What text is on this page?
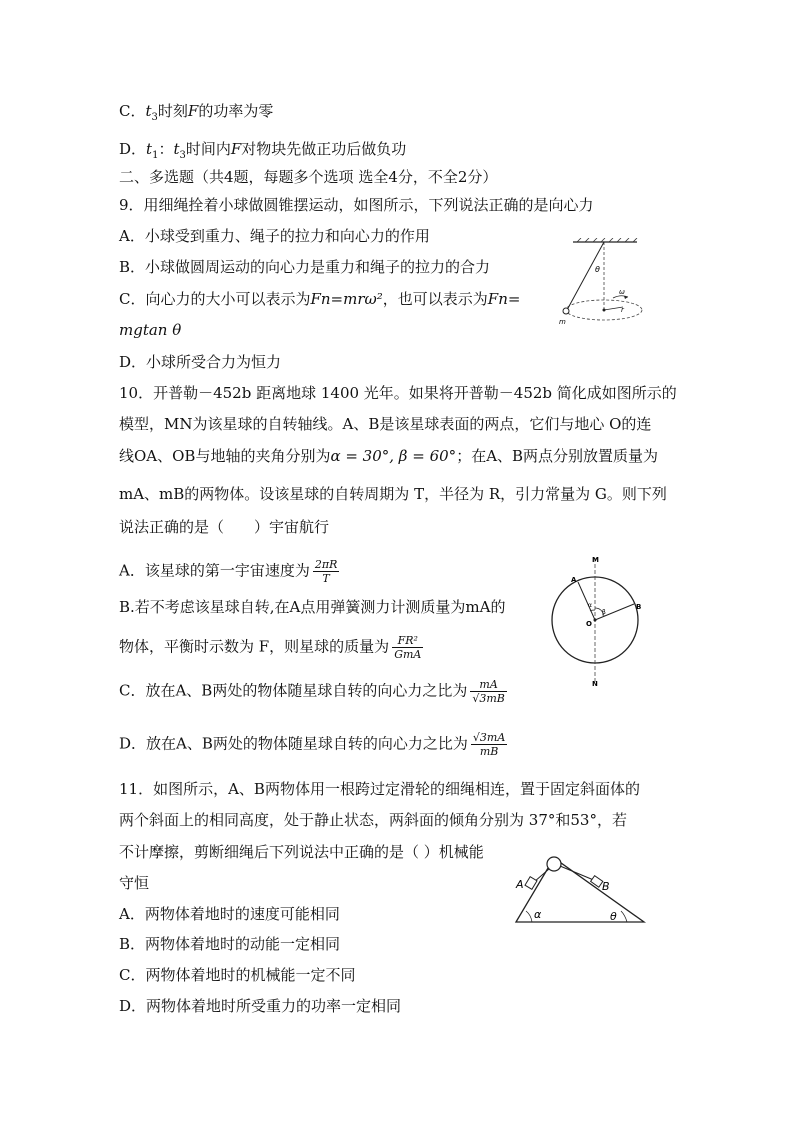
C．$t_3$时刻F的功率为零
D．$t_1$：$t_3$时间内F对物块先做正功后做负功
二、多选题（共4题，每题多个选项 选全4分，不全2分）
9．用细绳拴着小球做圆锥摆运动，如图所示，下列说法正确的是向心力
A．小球受到重力、绳子的拉力和向心力的作用
B．小球做圆周运动的向心力是重力和绳子的拉力的合力
C．向心力的大小可以表示为Fn=mrω²，也可以表示为Fn=
mgtan θ
D．小球所受合力为恒力
θ
ω
r
m
10．开普勒－452b 距离地球 1400 光年。如果将开普勒－452b 简化成如图所示的
模型，MN为该星球的自转轴线。A、B是该星球表面的两点，它们与地心 O的连
线OA、OB与地轴的夹角分别为α = 30°, β = 60°；在A、B两点分别放置质量为
mA、mB的两物体。设该星球的自转周期为 T，半径为 R，引力常量为 G。则下列
说法正确的是（　　）宇宙航行
A．该星球的第一宇宙速度为 $\frac{2\pi R}{T}$
B.若不考虑该星球自转,在A点用弹簧测力计测质量为mA的
物体，平衡时示数为 F，则星球的质量为 $\frac{\text{FR²}}{\text{GmA}}$
C．放在A、B两处的物体随星球自转的向心力之比为 $\frac{mA}{√3mB}$
D．放在A、B两处的物体随星球自转的向心力之比为 $\frac{√3mA}{mB}$
M
N
A
B
O
α
β
11．如图所示，A、B两物体用一根跨过定滑轮的细绳相连，置于固定斜面体的
两个斜面上的相同高度，处于静止状态，两斜面的倾角分别为 37°和53°，若
不计摩擦，剪断细绳后下列说法中正确的是（ ）机械能
守恒
A．两物体着地时的速度可能相同
B．两物体着地时的动能一定相同
C．两物体着地时的机械能一定不同
D．两物体着地时所受重力的功率一定相同
A	B
α	θ
